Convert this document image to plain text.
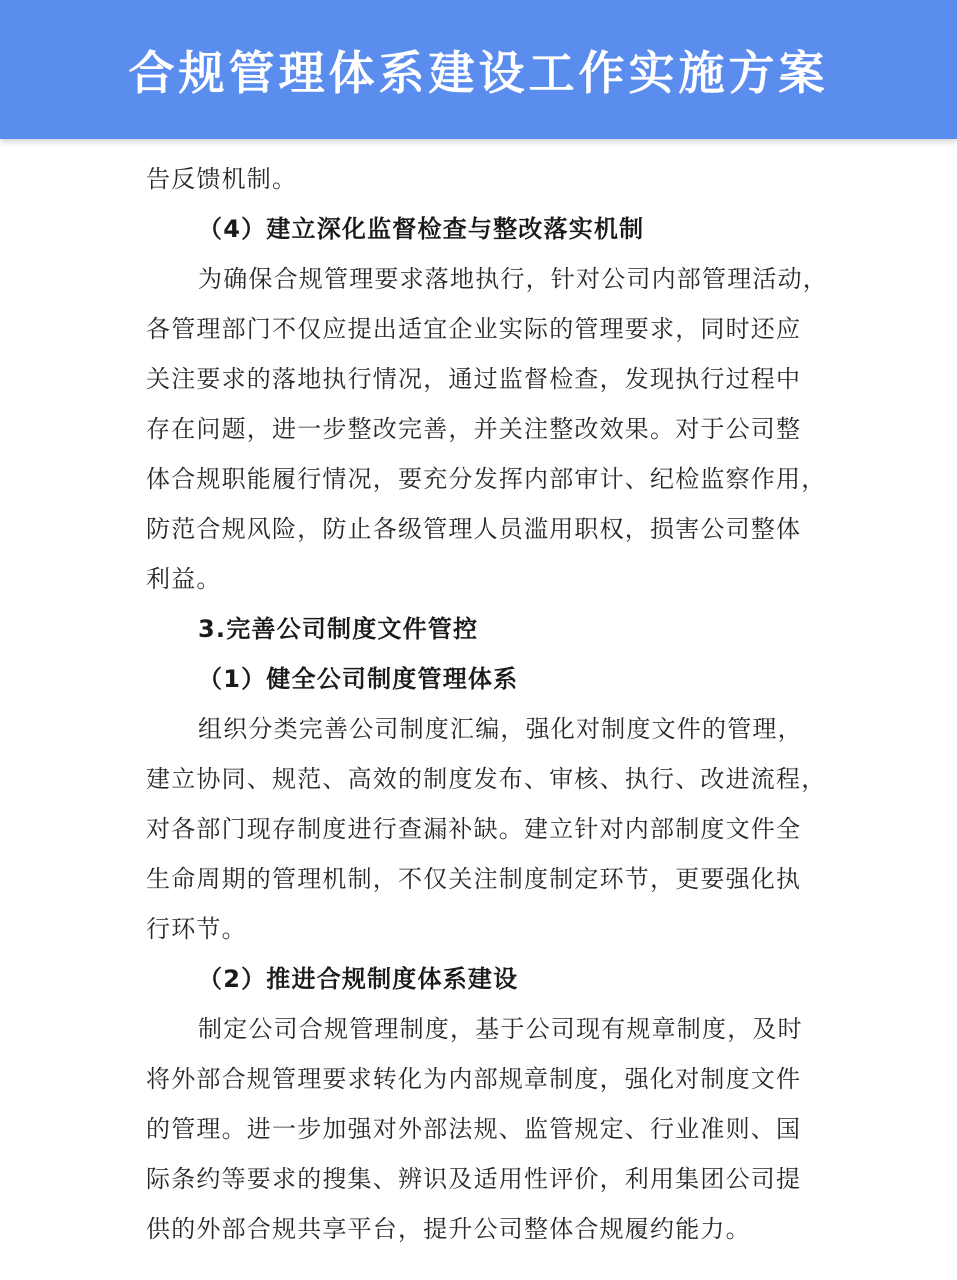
合规管理体系建设工作实施方案
告反馈机制。
（4）建立深化监督检查与整改落实机制
为确保合规管理要求落地执行，针对公司内部管理活动，
各管理部门不仅应提出适宜企业实际的管理要求，同时还应
关注要求的落地执行情况，通过监督检查，发现执行过程中
存在问题，进一步整改完善，并关注整改效果。对于公司整
体合规职能履行情况，要充分发挥内部审计、纪检监察作用，
防范合规风险，防止各级管理人员滥用职权，损害公司整体
利益。
3.完善公司制度文件管控
（1）健全公司制度管理体系
组织分类完善公司制度汇编，强化对制度文件的管理，
建立协同、规范、高效的制度发布、审核、执行、改进流程，
对各部门现存制度进行查漏补缺。建立针对内部制度文件全
生命周期的管理机制，不仅关注制度制定环节，更要强化执
行环节。
（2）推进合规制度体系建设
制定公司合规管理制度，基于公司现有规章制度，及时
将外部合规管理要求转化为内部规章制度，强化对制度文件
的管理。进一步加强对外部法规、监管规定、行业准则、国
际条约等要求的搜集、辨识及适用性评价，利用集团公司提
供的外部合规共享平台，提升公司整体合规履约能力。
